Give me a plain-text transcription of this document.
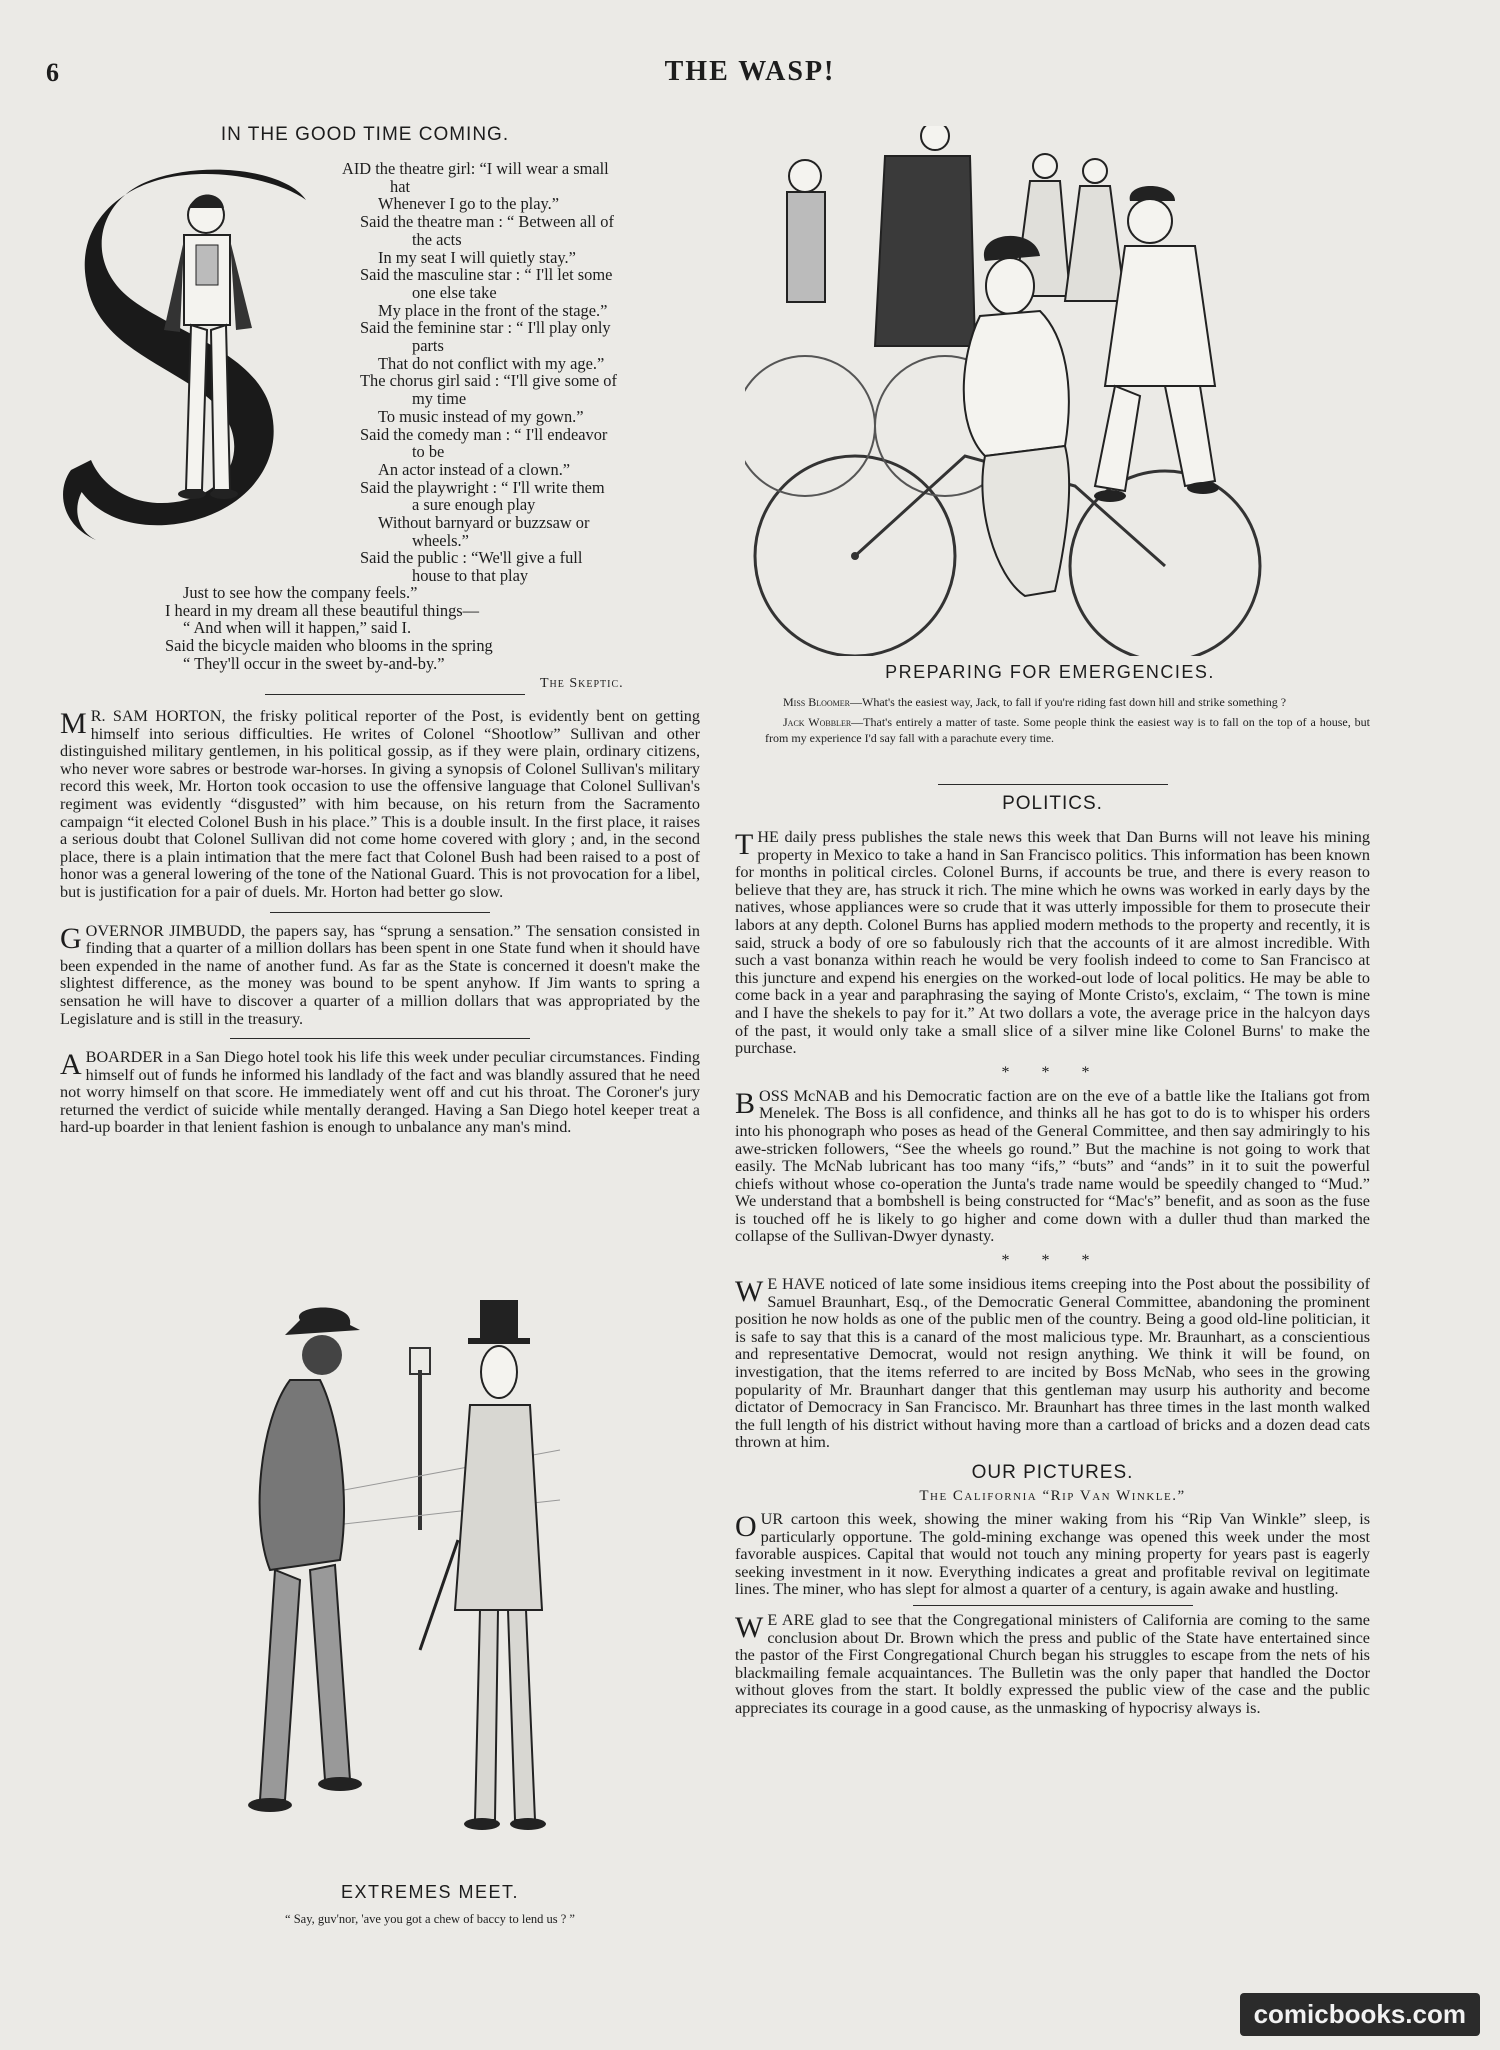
6	THE WASP!
IN THE GOOD TIME COMING.
AID the theatre girl: “I will wear a small
hat
Whenever I go to the play.”
Said the theatre man : “ Between all of
the acts
In my seat I will quietly stay.”
Said the masculine star : “ I'll let some
one else take
My place in the front of the stage.”
Said the feminine star : “ I'll play only
parts
That do not conflict with my age.”
The chorus girl said : “I'll give some of
my time
To music instead of my gown.”
Said the comedy man : “ I'll endeavor
to be
An actor instead of a clown.”
Said the playwright : “ I'll write them
a sure enough play
Without barnyard or buzzsaw or
wheels.”
Said the public : “We'll give a full
house to that play
Just to see how the company feels.”
I heard in my dream all these beautiful things—
“ And when will it happen,” said I.
Said the bicycle maiden who blooms in the spring
“ They'll occur in the sweet by-and-by.”
The Skeptic.

M R. SAM HORTON, the frisky political reporter of the Post, is evidently bent on getting himself into serious difficulties. He writes of Colonel “Shootlow” Sullivan and other distinguished military gentlemen, in his political gossip, as if they were plain, ordinary citizens, who never wore sabres or bestrode war-horses. In giving a synopsis of Colonel Sullivan's military record this week, Mr. Horton took occasion to use the offensive language that Colonel Sullivan's regiment was evidently “disgusted” with him because, on his return from the Sacramento campaign “it elected Colonel Bush in his place.” This is a double insult. In the first place, it raises a serious doubt that Colonel Sullivan did not come home covered with glory ; and, in the second place, there is a plain intimation that the mere fact that Colonel Bush had been raised to a post of honor was a general lowering of the tone of the National Guard. This is not provocation for a libel, but is justification for a pair of duels. Mr. Horton had better go slow.

GOVERNOR JIMBUDD, the papers say, has “sprung a sensation.” The sensation consisted in finding that a quarter of a million dollars has been spent in one State fund when it should have been expended in the name of another fund. As far as the State is concerned it doesn't make the slightest difference, as the money was bound to be spent anyhow. If Jim wants to spring a sensation he will have to discover a quarter of a million dollars that was appropriated by the Legislature and is still in the treasury.

A BOARDER in a San Diego hotel took his life this week under peculiar circumstances. Finding himself out of funds he informed his landlady of the fact and was blandly assured that he need not worry himself on that score. He immediately went off and cut his throat. The Coroner's jury returned the verdict of suicide while mentally deranged. Having a San Diego hotel keeper treat a hard-up boarder in that lenient fashion is enough to unbalance any man's mind.

EXTREMES MEET.
“ Say, guv'nor, 'ave you got a chew of baccy to lend us ? ”
PREPARING FOR EMERGENCIES.
Miss Bloomer—What's the easiest way, Jack, to fall if you're riding fast down hill and strike something ?
Jack Wobbler—That's entirely a matter of taste. Some people think the easiest way is to fall on the top of a house, but from my experience I'd say fall with a parachute every time.
POLITICS.

THE daily press publishes the stale news this week that Dan Burns will not leave his mining property in Mexico to take a hand in San Francisco politics. This information has been known for months in political circles. Colonel Burns, if accounts be true, and there is every reason to believe that they are, has struck it rich. The mine which he owns was worked in early days by the natives, whose appliances were so crude that it was utterly impossible for them to prosecute their labors at any depth. Colonel Burns has applied modern methods to the property and recently, it is said, struck a body of ore so fabulously rich that the accounts of it are almost incredible. With such a vast bonanza within reach he would be very foolish indeed to come to San Francisco at this juncture and expend his energies on the worked-out lode of local politics. He may be able to come back in a year and paraphrasing the saying of Monte Cristo's, exclaim, “ The town is mine and I have the shekels to pay for it.” At two dollars a vote, the average price in the halcyon days of the past, it would only take a small slice of a silver mine like Colonel Burns' to make the purchase.

* * *

BOSS McNAB and his Democratic faction are on the eve of a battle like the Italians got from Menelek. The Boss is all confidence, and thinks all he has got to do is to whisper his orders into his phonograph who poses as head of the General Committee, and then say admiringly to his awe-stricken followers, “See the wheels go round.” But the machine is not going to work that easily. The McNab lubricant has too many “ifs,” “buts” and “ands” in it to suit the powerful chiefs without whose co-operation the Junta's trade name would be speedily changed to “Mud.” We understand that a bombshell is being constructed for “Mac's” benefit, and as soon as the fuse is touched off he is likely to go higher and come down with a duller thud than marked the collapse of the Sullivan-Dwyer dynasty.

* * *

W E HAVE noticed of late some insidious items creeping into the Post about the possibility of Samuel Braunhart, Esq., of the Democratic General Committee, abandoning the prominent position he now holds as one of the public men of the country. Being a good old-line politician, it is safe to say that this is a canard of the most malicious type. Mr. Braunhart, as a conscientious and representative Democrat, would not resign anything. We think it will be found, on investigation, that the items referred to are incited by Boss McNab, who sees in the growing popularity of Mr. Braunhart danger that this gentleman may usurp his authority and become dictator of Democracy in San Francisco. Mr. Braunhart has three times in the last month walked the full length of his district without having more than a cartload of bricks and a dozen dead cats thrown at him.

OUR PICTURES.
The California “Rip Van Winkle.”

OUR cartoon this week, showing the miner waking from his “Rip Van Winkle” sleep, is particularly opportune. The gold-mining exchange was opened this week under the most favorable auspices. Capital that would not touch any mining property for years past is eagerly seeking investment in it now. Everything indicates a great and profitable revival on legitimate lines. The miner, who has slept for almost a quarter of a century, is again awake and hustling.

W E ARE glad to see that the Congregational ministers of California are coming to the same conclusion about Dr. Brown which the press and public of the State have entertained since the pastor of the First Congregational Church began his struggles to escape from the nets of his blackmailing female acquaintances. The Bulletin was the only paper that handled the Doctor without gloves from the start. It boldly expressed the public view of the case and the public appreciates its courage in a good cause, as the unmasking of hypocrisy always is.

comicbooks.com
